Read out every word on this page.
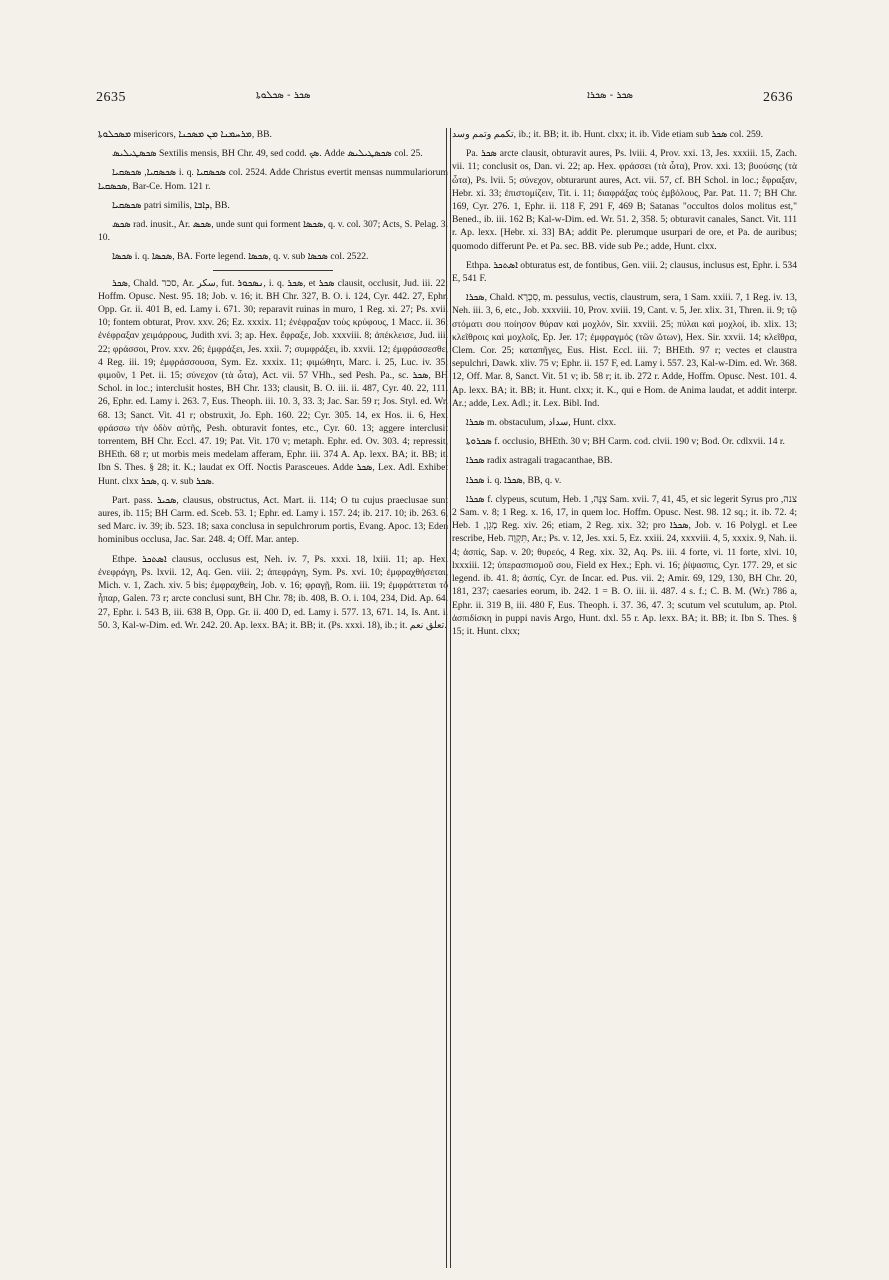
2635	ܣܟܪ - ܣܟܠܘܬܐ	ܣܟܪ - ܣܟܪܐ	2636

ܡܣܟܠܘܬܐ misericors, ܡܪܚܡܢܐ ܡܢ ܡܣܟܢܐ, BB.

ܣܟܣܛܝܠܝܣ Sextilis mensis, BH Chr. 49, sed codd. ܣܟ. Adde ܣܟܣܛܝܠܝܣ col. 25.

ܣܟܣܩܝܐ, ܣܟܣܩܝܐ i. q. ܣܟܣܩܝܐ col. 2524. Adde Christus evertit mensas nummulariorum ܣܟܣܩܝܐ, Bar-Ce. Hom. 121 r.

ܣܟܣܩܝܐ patri similis, ܕܐܒܐ, BB.

ܣܟܣ rad. inusit., Ar. ܣܟܣ, unde sunt qui forment ܣܟܣܐ, q. v. col. 307; Acts, S. Pelag. 3. 10.

ܣܟܣܐ i. q. ܣܟܣܐ, BA. Forte legend. ܣܟܣܐ, q. v. sub ܣܟܣܐ col. 2522.

ܣܟܪ, Chald. סכר, Ar. سكر, fut. ܢܣܟܘܪ, i. q. ܣܟܪ, et ܣܟܪ clausit, occlusit, Jud. iii. 22; Hoffm. Opusc. Nest. 95. 18; Job. v. 16; it. BH Chr. 327, B. O. i. 124, Cyr. 442. 27, Ephr. Opp. Gr. ii. 401 B, ed. Lamy i. 671. 30; reparavit ruinas in muro, 1 Reg. xi. 27; Ps. xvii. 10; fontem obturat, Prov. xxv. 26; Ez. xxxix. 11; ἐνέφραξαν τοὺς κρύφους, 1 Macc. ii. 36; ἐνέφραξαν χειμάρρους, Judith xvi. 3; ap. Hex. ἔφραξε, Job. xxxviii. 8; ἀπέκλεισε, Jud. iii. 22; φράσσοι, Prov. xxv. 26; ἐμφράξει, Jes. xxii. 7; συμφράξει, ib. xxvii. 12; ἐμφράσσεσθε, 4 Reg. iii. 19; ἐμφράσσουσα, Sym. Ez. xxxix. 11; φιμώθητι, Marc. i. 25, Luc. iv. 35; φιμοῦν, 1 Pet. ii. 15; σύνεχον (τὰ ὦτα), Act. vii. 57 VHh., sed Pesh. Pa., sc. ܣܟܪ, BH Schol. in loc.; intercluṡit hostes, BH Chr. 133; clausit, B. O. iii. ii. 487, Cyr. 40. 22, 111. 26, Ephr. ed. Lamy i. 263. 7, Eus. Theoph. iii. 10. 3, 33. 3; Jac. Sar. 59 r; Jos. Styl. ed. Wr. 68. 13; Sanct. Vit. 41 r; obstruxit, Jo. Eph. 160. 22; Cyr. 305. 14, ex Hos. ii. 6, Hex. φράσσω τὴν ὁδὸν αὐτῆς, Pesh. obturavit fontes, etc., Cyr. 60. 13; aggere interclusit torrentem, BH Chr. Eccl. 47. 19; Pat. Vit. 170 v; metaph. Ephr. ed. Ov. 303. 4; repressit, BHEth. 68 r; ut morbis meis medelam afferam, Ephr. iii. 374 A. Ap. lexx. BA; it. BB; it. Ibn S. Thes. § 28; it. K.; laudat ex Off. Noctis Parasceues. Adde ܣܟܪ, Lex. Adl. Exhibet Hunt. clxx ܣܟܪ, q. v. sub ܣܟܪ.

Part. pass. ܣܟܝܪ, clausus, obstructus, Act. Mart. ii. 114; O tu cujus praeclusae sunt aures, ib. 115; BH Carm. ed. Sceb. 53. 1; Ephr. ed. Lamy i. 157. 24; ib. 217. 10; ib. 263. 6, sed Marc. iv. 39; ib. 523. 18; saxa conclusa in sepulchrorum portis, Evang. Apoc. 13; Eden hominibus occlusa, Jac. Sar. 248. 4; Off. Mar. antep.

Ethpe. ܐܣܬܟܪ clausus, occlusus est, Neh. iv. 7, Ps. xxxi. 18, lxiii. 11; ap. Hex. ἐνεφράγη, Ps. lxvii. 12, Aq. Gen. viii. 2; ἀπεφράγη, Sym. Ps. xvi. 10; ἐμφραχθήσεται, Mich. v. 1, Zach. xiv. 5 bis; ἐμφραχθείη, Job. v. 16; φραγῇ, Rom. iii. 19; ἐμφράττεται τὸ ἧπαρ, Galen. 73 r; arcte conclusi sunt, BH Chr. 78; ib. 408, B. O. i. 104, 234, Did. Ap. 64. 27, Ephr. i. 543 B, iii. 638 B, Opp. Gr. ii. 400 D, ed. Lamy i. 577. 13, 671. 14, Is. Ant. i. 50. 3, Kal-w-Dim. ed. Wr. 242. 20. Ap. lexx. BA; it. BB; it. (Ps. xxxi. 18), ib.; it. تعلق نعم.

تكمم وتمم وسد, ib.; it. BB; it. ib. Hunt. clxx; it. ib. Vide etiam sub ܣܟܪ col. 259.

Pa. ܣܟܪ arcte clausit, obturavit aures, Ps. lviii. 4, Prov. xxi. 13, Jes. xxxiii. 15, Zach. vii. 11; conclusit os, Dan. vi. 22; ap. Hex. φράσσει (τὰ ὦτα), Prov. xxi. 13; βυούσης (τὰ ὦτα), Ps. lvii. 5; σύνεχον, obturarunt aures, Act. vii. 57, cf. BH Schol. in loc.; ἔφραξαν, Hebr. xi. 33; ἐπιστομίζειν, Tit. i. 11; διαφράξας τοὺς ἐμβόλους, Par. Pat. 11. 7; BH Chr. 169, Cyr. 276. 1, Ephr. ii. 118 F, 291 F, 469 B; Satanas "occultos dolos molitus est," Bened., ib. iii. 162 B; Kal-w-Dim. ed. Wr. 51. 2, 358. 5; obturavit canales, Sanct. Vit. 111 r. Ap. lexx. [Hebr. xi. 33] BA; addit Pe. plerumque usurpari de ore, et Pa. de auribus; quomodo differunt Pe. et Pa. sec. BB. vide sub Pe.; adde, Hunt. clxx.

Ethpa. ܐܣܬܟܪ obturatus est, de fontibus, Gen. viii. 2; clausus, inclusus est, Ephr. i. 534 E, 541 F.

ܣܟܪܐ, Chald. סִכְרָא, m. pessulus, vectis, claustrum, sera, 1 Sam. xxiii. 7, 1 Reg. iv. 13, Neh. iii. 3, 6, etc., Job. xxxviii. 10, Prov. xviii. 19, Cant. v. 5, Jer. xlix. 31, Thren. ii. 9; τῷ στόματι σου ποίησον θύραν καὶ μοχλόν, Sir. xxviii. 25; πύλαι καὶ μοχλοί, ib. xlix. 13; κλεῖθροις καὶ μοχλοῖς, Ep. Jer. 17; ἐμφραγμός (τῶν ὤτων), Hex. Sir. xxvii. 14; κλεῖθρα, Clem. Cor. 25; καταπῆγες, Eus. Hist. Eccl. iii. 7; BHEth. 97 r; vectes et claustra sepulchri, Dawk. xliv. 75 v; Ephr. ii. 157 F, ed. Lamy i. 557. 23, Kal-w-Dim. ed. Wr. 368. 12, Off. Mar. 8, Sanct. Vit. 51 v; ib. 58 r; it. ib. 272 r. Adde, Hoffm. Opusc. Nest. 101. 4. Ap. lexx. BA; it. BB; it. Hunt. clxx; it. K., qui e Hom. de Anima laudat, et addit interpr. Ar.; adde, Lex. Adl.; it. Lex. Bibl. Ind.

ܣܟܪܐ m. obstaculum, سداد, Hunt. clxx.

ܣܟܪܘܬܐ f. occlusio, BHEth. 30 v; BH Carm. cod. clvii. 190 v; Bod. Or. cdlxvii. 14 r.

ܣܟܪܐ radix astragali tragacanthae, BB.

ܣܟܪܐ i. q. ܣܟܪܐ, BB, q. v.

ܣܟܪܐ f. clypeus, scutum, Heb. צִנָּה, 1 Sam. xvii. 7, 41, 45, et sic legerit Syrus pro צנה, 2 Sam. v. 8; 1 Reg. x. 16, 17, in quem loc. Hoffm. Opusc. Nest. 98. 12 sq.; it. ib. 72. 4; Heb. מָגֵן, 1 Reg. xiv. 26; etiam, 2 Reg. xix. 32; pro ܣܟܪܐ, Job. v. 16 Polygl. et Lee rescribe, Heb. תִּקְוָה, Ar.; Ps. v. 12, Jes. xxi. 5, Ez. xxiii. 24, xxxviii. 4, 5, xxxix. 9, Nah. ii. 4; ἀσπίς, Sap. v. 20; θυρεός, 4 Reg. xix. 32, Aq. Ps. iii. 4 forte, vi. 11 forte, xlvi. 10, lxxxiii. 12; ὑπερασπισμοῦ σου, Field ex Hex.; Eph. vi. 16; ῥίψασπις, Cyr. 177. 29, et sic legend. ib. 41. 8; ἀσπίς, Cyr. de Incar. ed. Pus. vii. 2; Amir. 69, 129, 130, BH Chr. 20, 181, 237; caesaries eorum, ib. 242. 1 = B. O. iii. ii. 487. 4 s. f.; C. B. M. (Wr.) 786 a, Ephr. ii. 319 B, iii. 480 F, Eus. Theoph. i. 37. 36, 47. 3; scutum vel scutulum, ap. Ptol. ἀσπιδίσκη in puppi navis Argo, Hunt. dxl. 55 r. Ap. lexx. BA; it. BB; it. Ibn S. Thes. § 15; it. Hunt. clxx;
